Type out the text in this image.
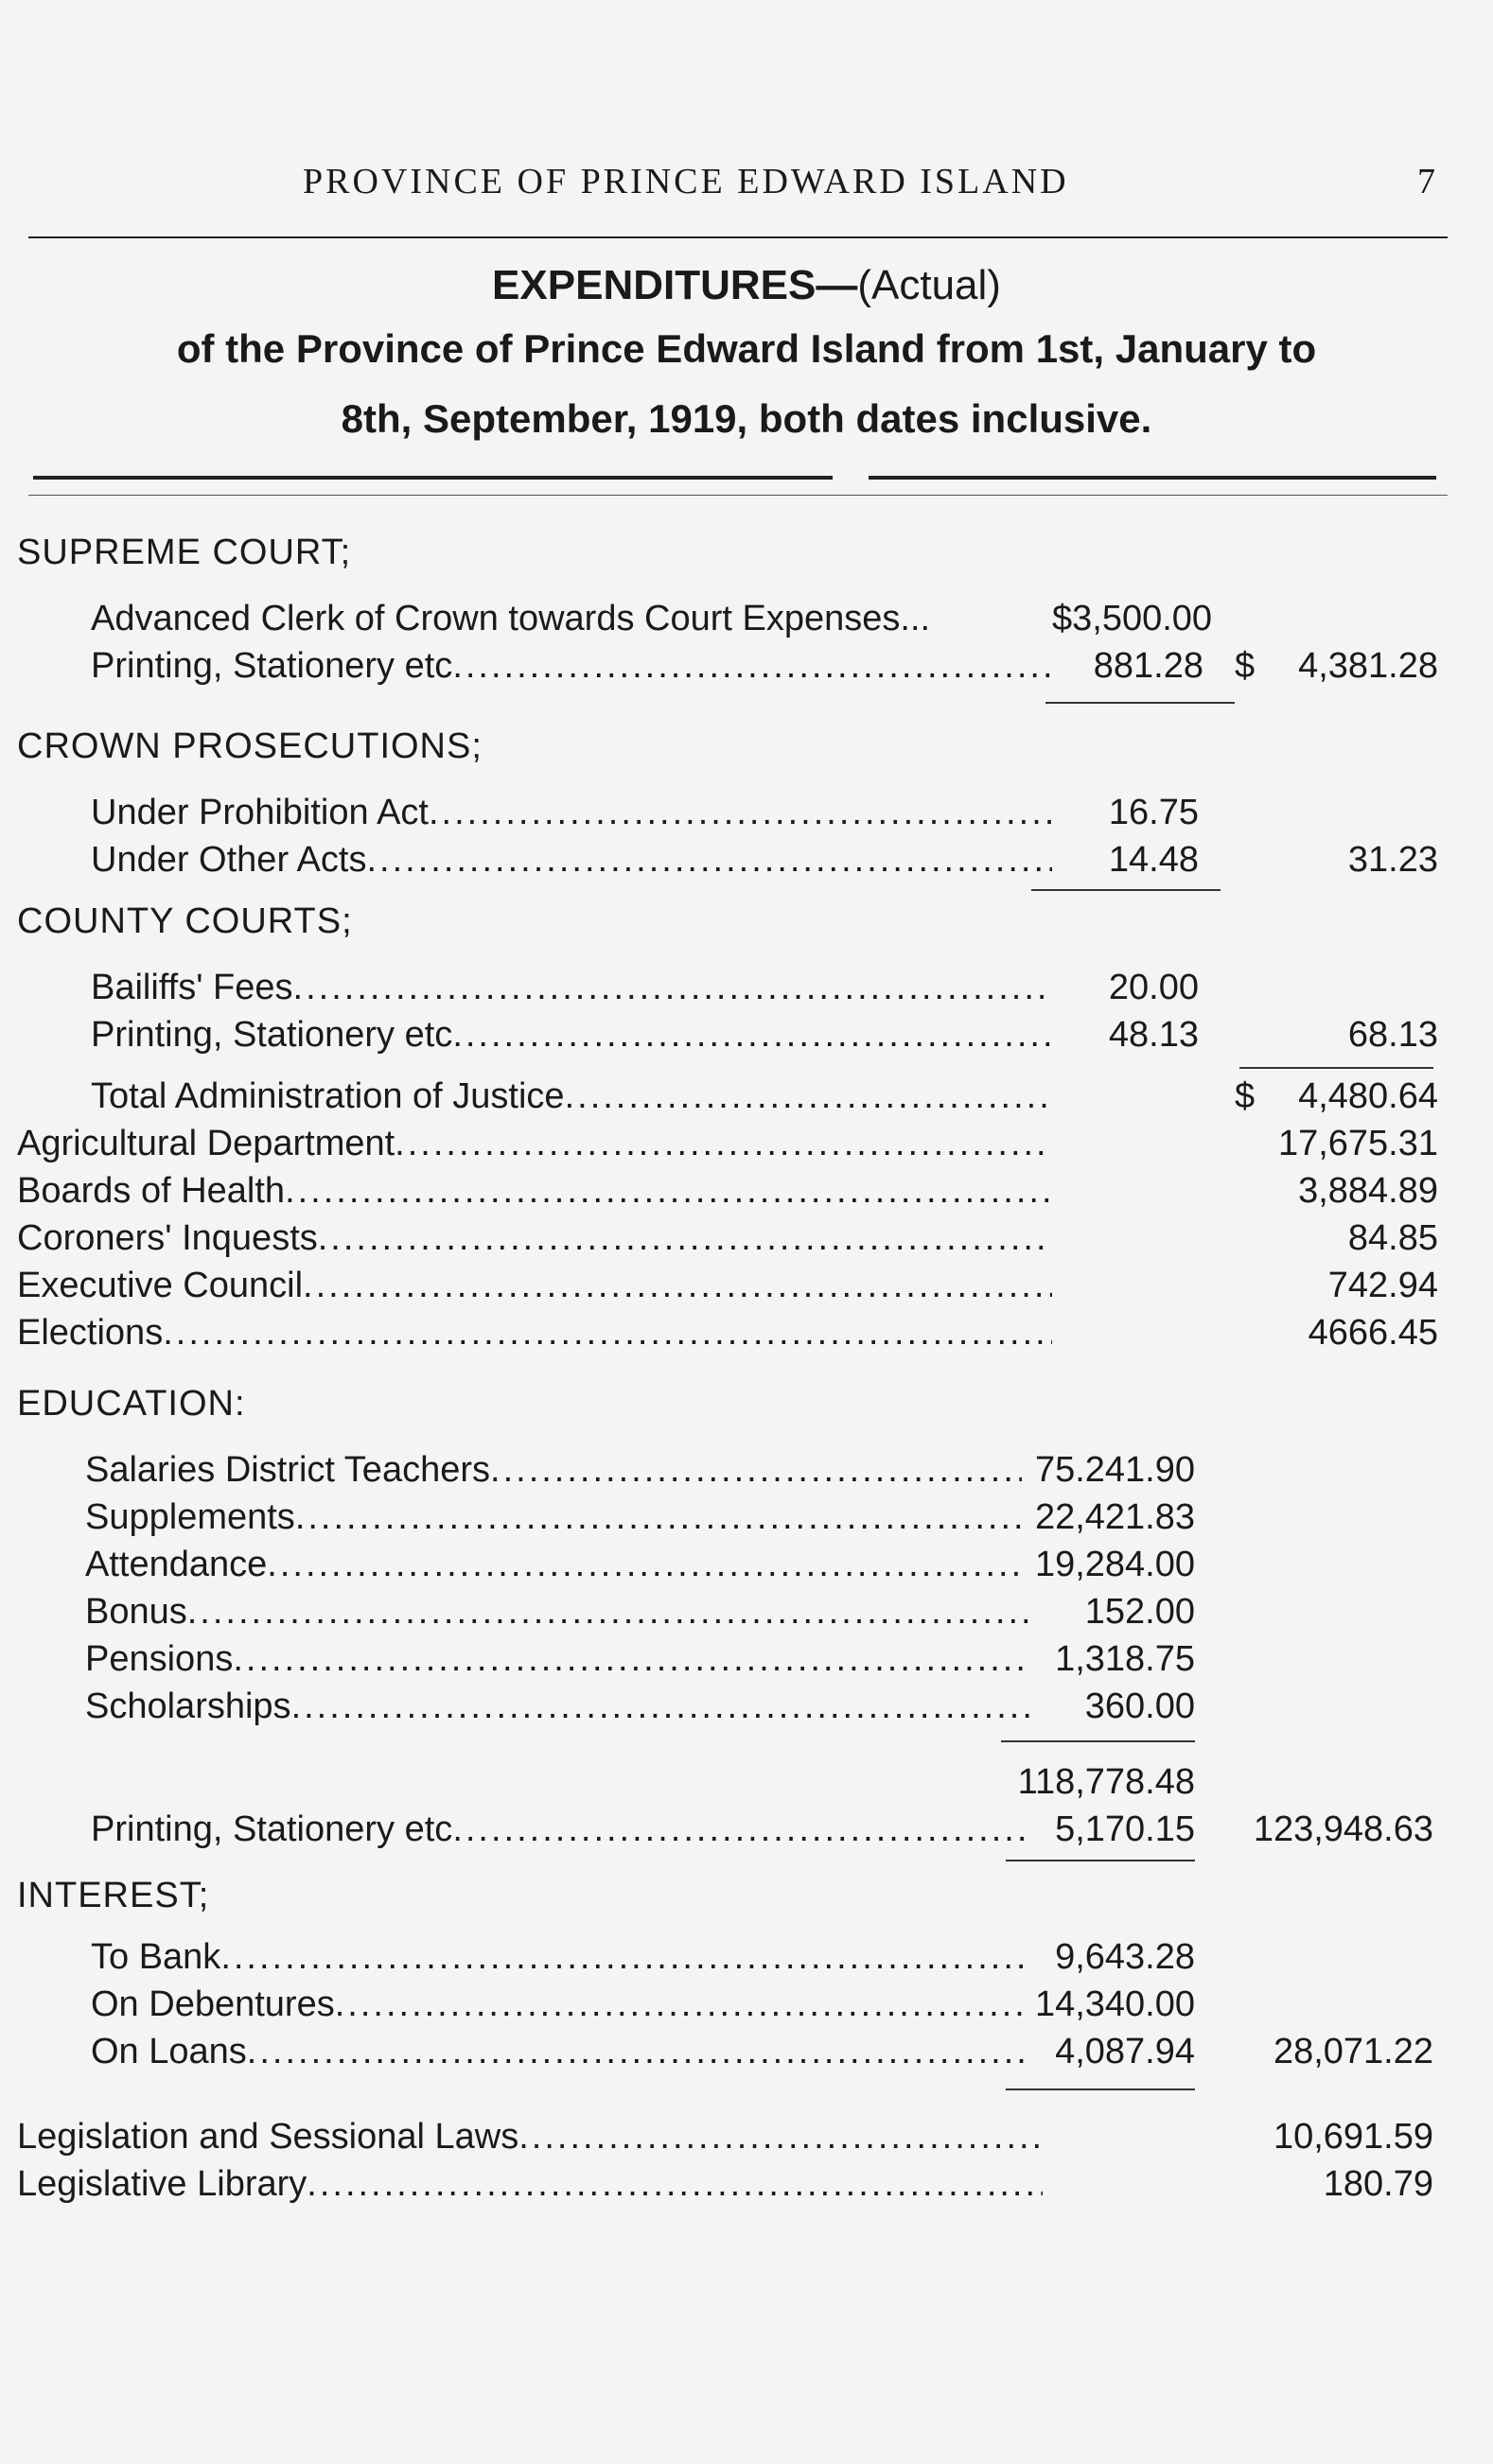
PROVINCE OF PRINCE EDWARD ISLAND	7
EXPENDITURES—(Actual)
of the Province of Prince Edward Island from 1st, January to
8th, September, 1919, both dates inclusive.
SUPREME COURT;
Advanced Clerk of Crown towards Court Expenses...	$3,500.00
Printing, Stationery etc .....	881.28 $	4,381.28
CROWN PROSECUTIONS;
Under Prohibition Act .....	16.75
Under Other Acts .....	14.48	31.23
COUNTY COURTS;
Bailiffs' Fees .....	20.00
Printing, Stationery etc .....	48.13	68.13
Total Administration of Justice .....	$	4,480.64
Agricultural Department .....	17,675.31
Boards of Health .....	3,884.89
Coroners' Inquests .....	84.85
Executive Council .....	742.94
Elections .....	4666.45
EDUCATION:
Salaries District Teachers .....	75.241.90
Supplements .....	22,421.83
Attendance .....	19,284.00
Bonus .....	152.00
Pensions .....	1,318.75
Scholarships .....	360.00
118,778.48
Printing, Stationery etc .....	5,170.15	123,948.63
INTEREST;
To Bank .....	9,643.28
On Debentures .....	14,340.00
On Loans .....	4,087.94	28,071.22
Legislation and Sessional Laws .....	10,691.59
Legislative Library .....	180.79
